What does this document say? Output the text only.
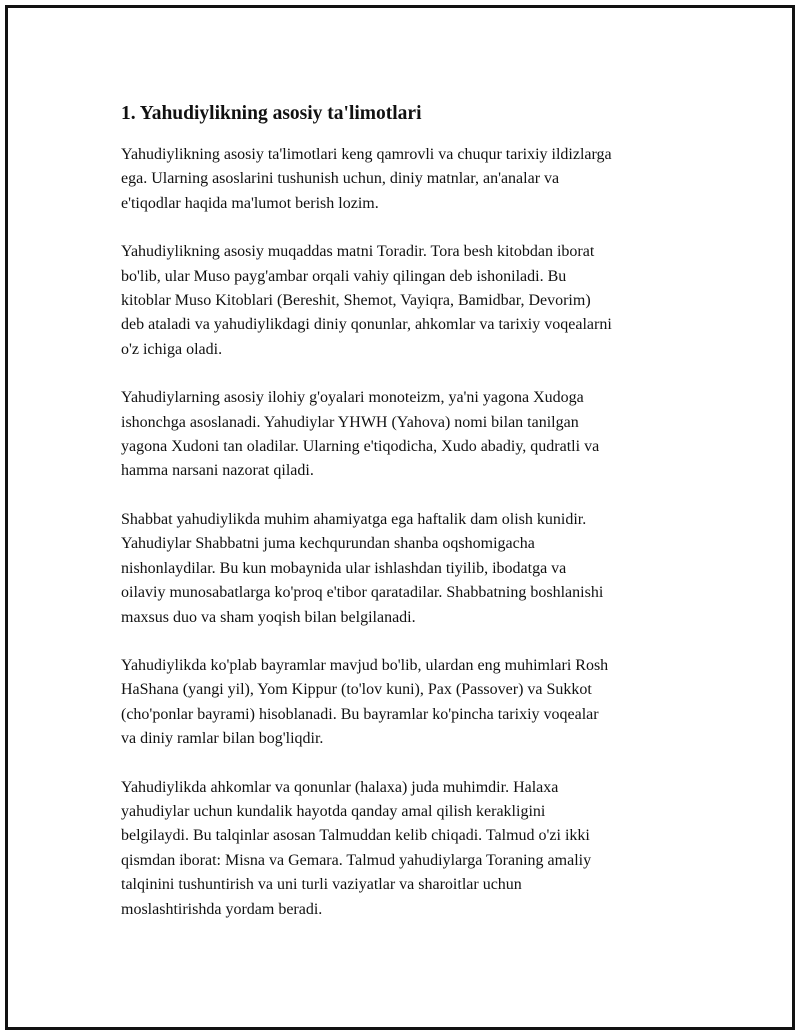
1. Yahudiylikning asosiy ta'limotlari

Yahudiylikning asosiy ta'limotlari keng qamrovli va chuqur tarixiy ildizlarga
ega. Ularning asoslarini tushunish uchun, diniy matnlar, an'analar va
e'tiqodlar haqida ma'lumot berish lozim.

Yahudiylikning asosiy muqaddas matni Toradir. Tora besh kitobdan iborat
bo'lib, ular Muso payg'ambar orqali vahiy qilingan deb ishoniladi. Bu
kitoblar Muso Kitoblari (Bereshit, Shemot, Vayiqra, Bamidbar, Devorim)
deb ataladi va yahudiylikdagi diniy qonunlar, ahkomlar va tarixiy voqealarni
o'z ichiga oladi.

Yahudiylarning asosiy ilohiy g'oyalari monoteizm, ya'ni yagona Xudoga
ishonchga asoslanadi. Yahudiylar YHWH (Yahova) nomi bilan tanilgan
yagona Xudoni tan oladilar. Ularning e'tiqodicha, Xudo abadiy, qudratli va
hamma narsani nazorat qiladi.

Shabbat yahudiylikda muhim ahamiyatga ega haftalik dam olish kunidir.
Yahudiylar Shabbatni juma kechqurundan shanba oqshomigacha
nishonlaydilar. Bu kun mobaynida ular ishlashdan tiyilib, ibodatga va
oilaviy munosabatlarga ko'proq e'tibor qaratadilar. Shabbatning boshlanishi
maxsus duo va sham yoqish bilan belgilanadi.

Yahudiylikda ko'plab bayramlar mavjud bo'lib, ulardan eng muhimlari Rosh
HaShana (yangi yil), Yom Kippur (to'lov kuni), Pax (Passover) va Sukkot
(cho'ponlar bayrami) hisoblanadi. Bu bayramlar ko'pincha tarixiy voqealar
va diniy ramlar bilan bog'liqdir.

Yahudiylikda ahkomlar va qonunlar (halaxa) juda muhimdir. Halaxa
yahudiylar uchun kundalik hayotda qanday amal qilish kerakligini
belgilaydi. Bu talqinlar asosan Talmuddan kelib chiqadi. Talmud o'zi ikki
qismdan iborat: Misna va Gemara. Talmud yahudiylarga Toraning amaliy
talqinini tushuntirish va uni turli vaziyatlar va sharoitlar uchun
moslashtirishda yordam beradi.
